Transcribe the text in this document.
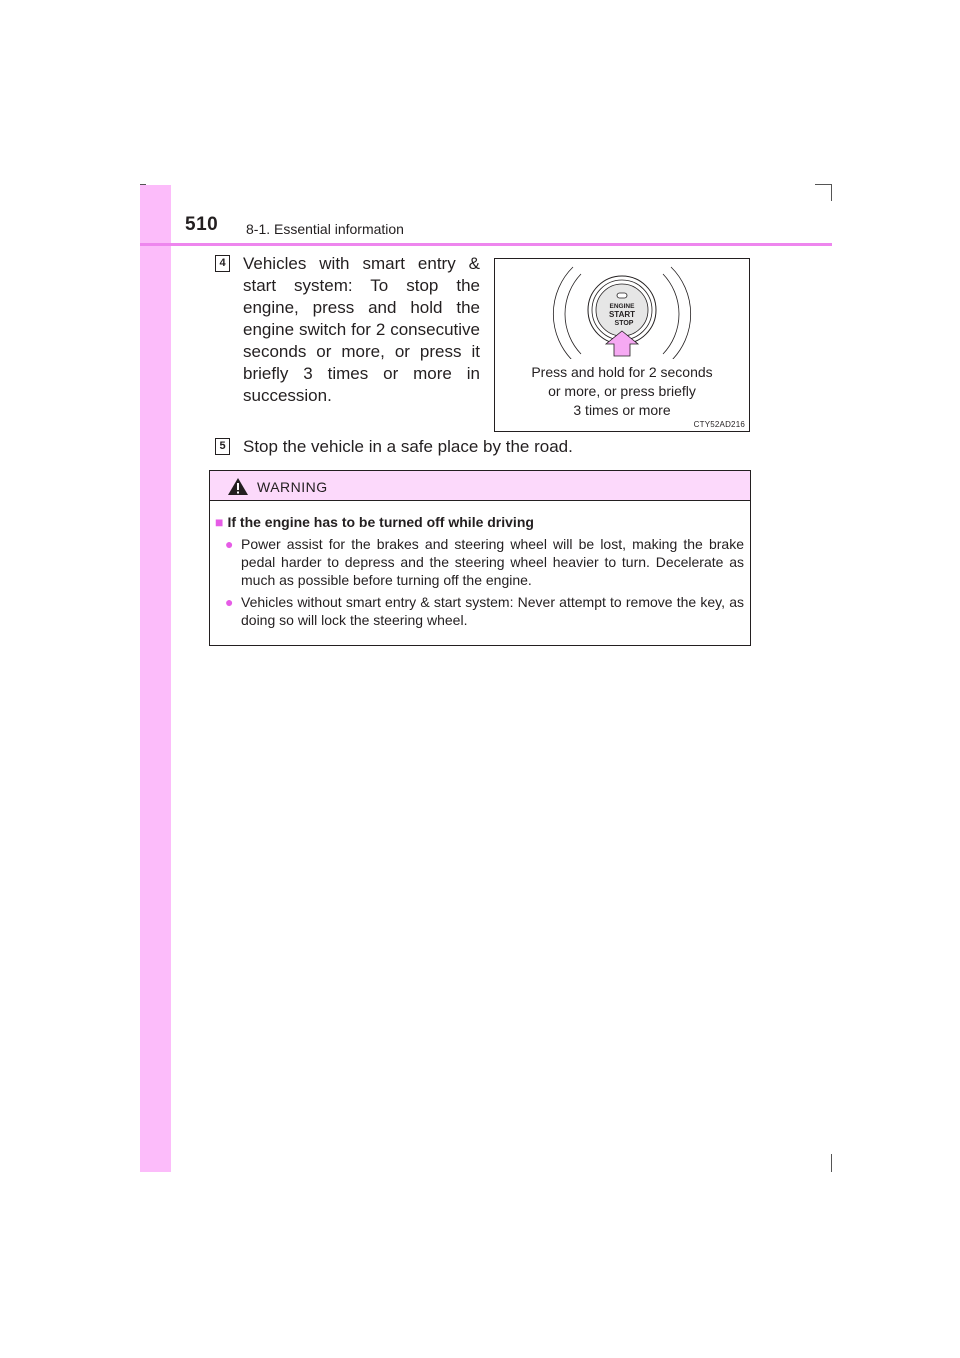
510 8-1. Essential information
4 Vehicles with smart entry & start system: To stop the engine, press and hold the engine switch for 2 consecutive seconds or more, or press it briefly 3 times or more in succession.
ENGINE
START
STOP
Press and hold for 2 seconds
or more, or press briefly
3 times or more
CTY52AD216
5 Stop the vehicle in a safe place by the road.
WARNING
■ If the engine has to be turned off while driving
● Power assist for the brakes and steering wheel will be lost, making the brake pedal harder to depress and the steering wheel heavier to turn. Decelerate as much as possible before turning off the engine.
● Vehicles without smart entry & start system: Never attempt to remove the key, as doing so will lock the steering wheel.
